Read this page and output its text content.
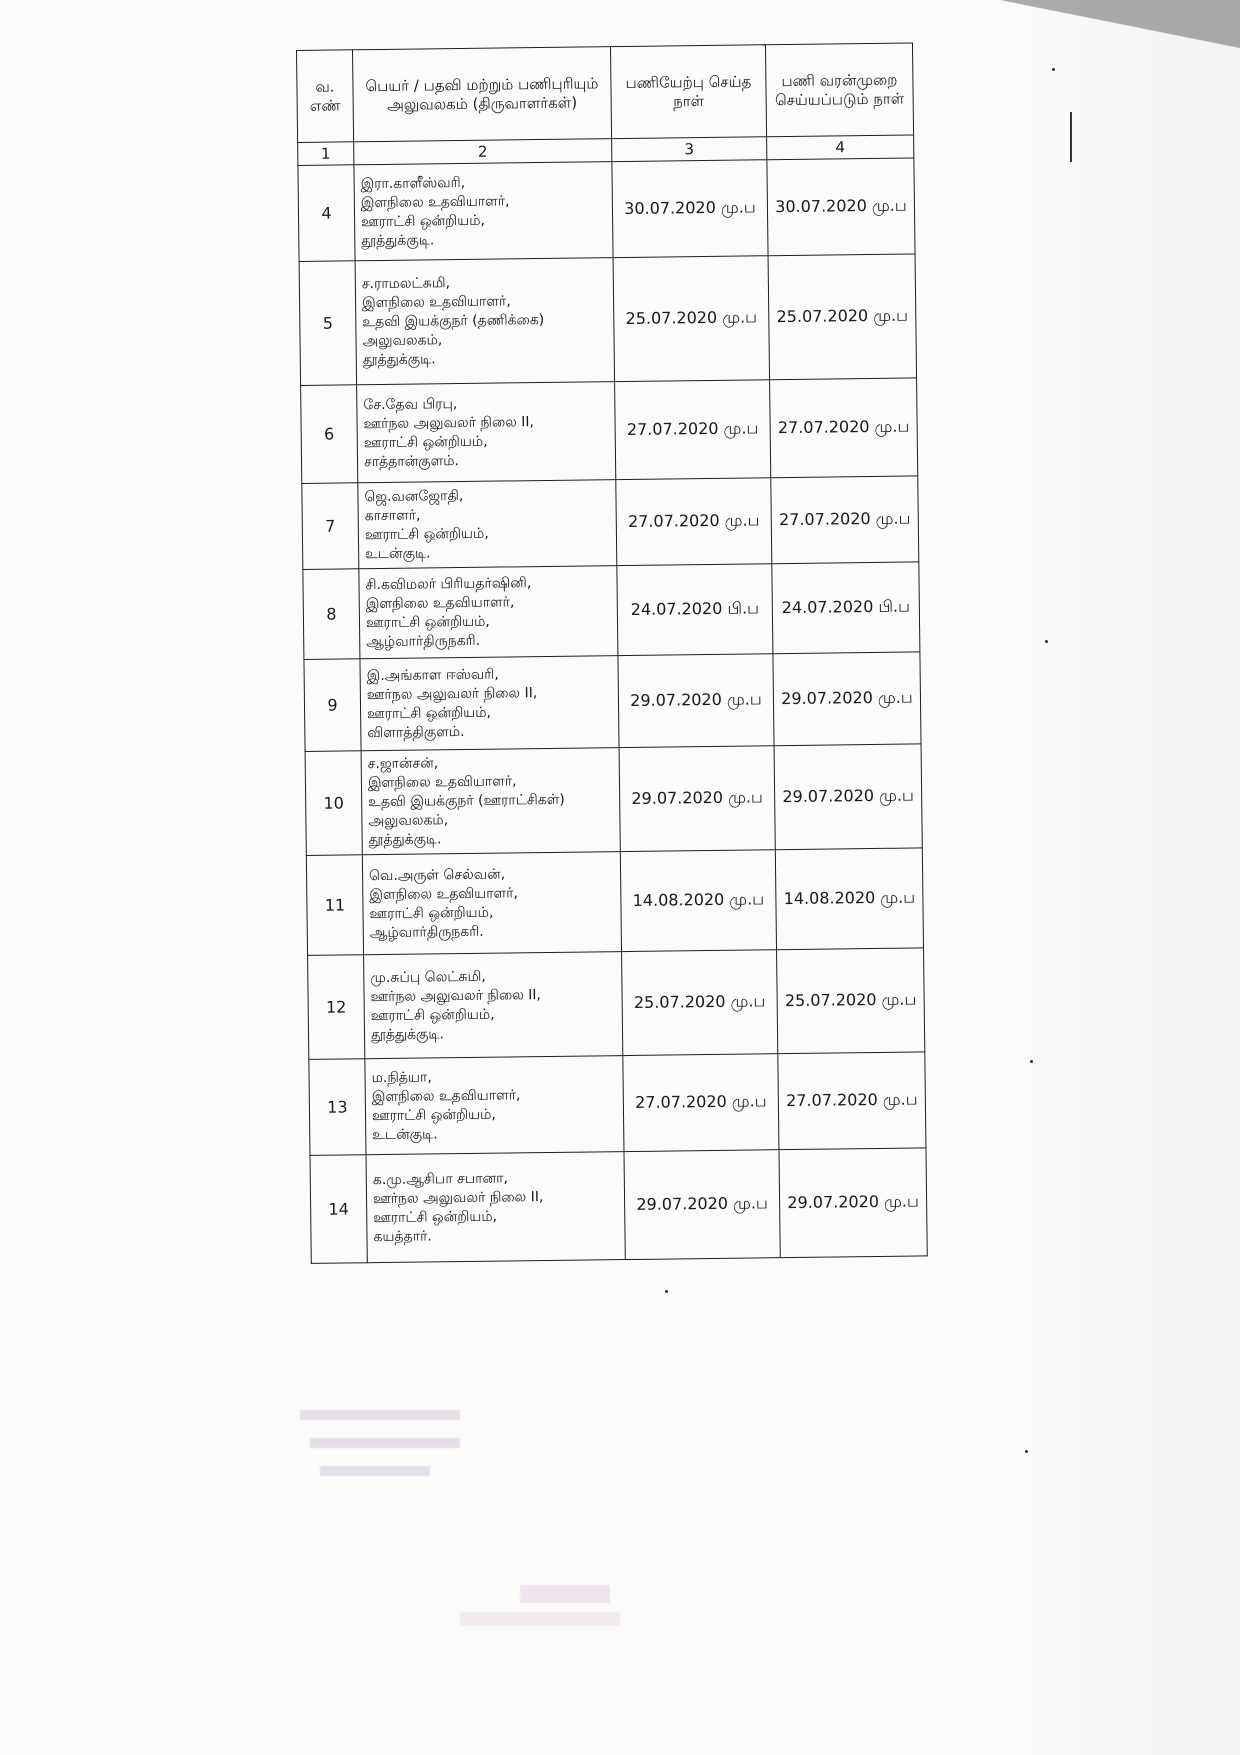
வ. எண்	பெயர் / பதவி மற்றும் பணிபுரியும் அலுவலகம் (திருவாளர்கள்)	பணியேற்பு செய்த நாள்	பணி வரன்முறை செய்யப்படும் நாள்
1	2	3	4
4	இரா.காளீஸ்வரி,
இளநிலை உதவியாளர்,
ஊராட்சி ஒன்றியம்,
தூத்துக்குடி.	30.07.2020 மு.ப	30.07.2020 மு.ப
5	ச.ராமலட்சுமி,
இளநிலை உதவியாளர்,
உதவி இயக்குநர் (தணிக்கை)
அலுவலகம்,
தூத்துக்குடி.	25.07.2020 மு.ப	25.07.2020 மு.ப
6	சே.தேவ பிரபு,
ஊர்நல அலுவலர் நிலை II,
ஊராட்சி ஒன்றியம்,
சாத்தான்குளம்.	27.07.2020 மு.ப	27.07.2020 மு.ப
7	ஜெ.வனஜோதி,
காசாளர்,
ஊராட்சி ஒன்றியம்,
உடன்குடி.	27.07.2020 மு.ப	27.07.2020 மு.ப
8	சி.கவிமலர் பிரியதர்ஷினி,
இளநிலை உதவியாளர்,
ஊராட்சி ஒன்றியம்,
ஆழ்வார்திருநகரி.	24.07.2020 பி.ப	24.07.2020 பி.ப
9	இ.அங்காள ஈஸ்வரி,
ஊர்நல அலுவலர் நிலை II,
ஊராட்சி ஒன்றியம்,
விளாத்திகுளம்.	29.07.2020 மு.ப	29.07.2020 மு.ப
10	ச.ஜான்சன்,
இளநிலை உதவியாளர்,
உதவி இயக்குநர் (ஊராட்சிகள்)
அலுவலகம்,
தூத்துக்குடி.	29.07.2020 மு.ப	29.07.2020 மு.ப
11	வெ.அருள் செல்வன்,
இளநிலை உதவியாளர்,
ஊராட்சி ஒன்றியம்,
ஆழ்வார்திருநகரி.	14.08.2020 மு.ப	14.08.2020 மு.ப
12	மு.சுப்பு லெட்சுமி,
ஊர்நல அலுவலர் நிலை II,
ஊராட்சி ஒன்றியம்,
தூத்துக்குடி.	25.07.2020 மு.ப	25.07.2020 மு.ப
13	ம.நித்யா,
இளநிலை உதவியாளர்,
ஊராட்சி ஒன்றியம்,
உடன்குடி.	27.07.2020 மு.ப	27.07.2020 மு.ப
14	க.மு.ஆசிபா சபானா,
ஊர்நல அலுவலர் நிலை II,
ஊராட்சி ஒன்றியம்,
கயத்தார்.	29.07.2020 மு.ப	29.07.2020 மு.ப
